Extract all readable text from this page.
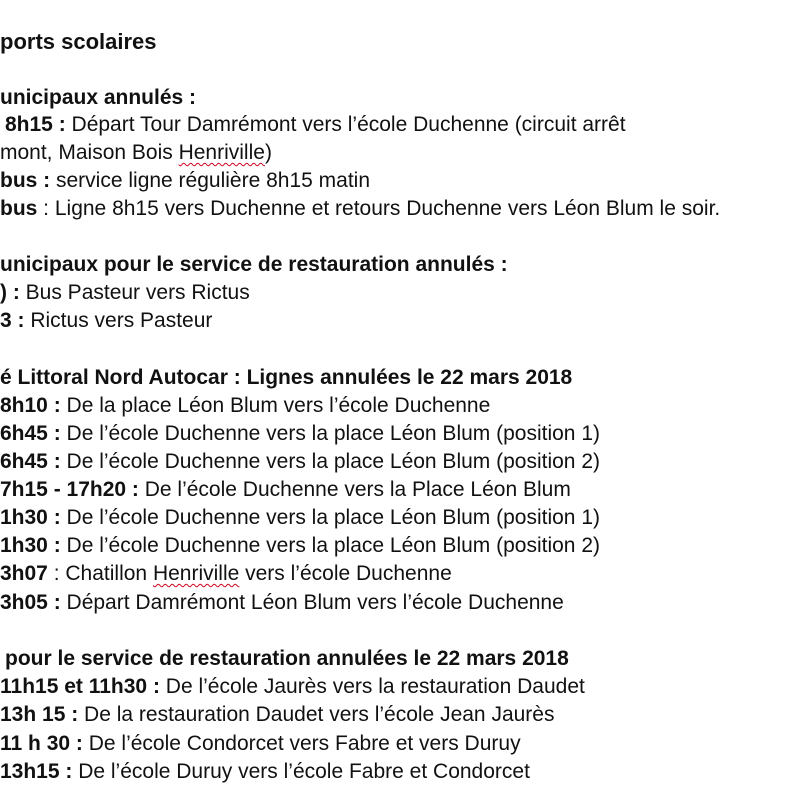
ports scolaires
unicipaux annulés :
8h15 : Départ Tour Damrémont vers l’école Duchenne (circuit arrêt
mont, Maison Bois Henriville)
bus : service ligne régulière 8h15 matin
bus : Ligne 8h15 vers Duchenne et retours Duchenne vers Léon Blum le soir.
unicipaux pour le service de restauration annulés :
) : Bus Pasteur vers Rictus
3 : Rictus vers Pasteur
é Littoral Nord Autocar : Lignes annulées le 22 mars 2018
8h10 : De la place Léon Blum vers l’école Duchenne
6h45 : De l’école Duchenne vers la place Léon Blum (position 1)
6h45 : De l’école Duchenne vers la place Léon Blum (position 2)
7h15 - 17h20 : De l’école Duchenne vers la Place Léon Blum
1h30 : De l’école Duchenne vers la place Léon Blum (position 1)
1h30 : De l’école Duchenne vers la place Léon Blum (position 2)
3h07 : Chatillon Henriville vers l’école Duchenne
3h05 : Départ Damrémont Léon Blum vers l’école Duchenne
pour le service de restauration annulées le 22 mars 2018
11h15 et 11h30 : De l’école Jaurès vers la restauration Daudet
13h 15 : De la restauration Daudet vers l’école Jean Jaurès
11 h 30 : De l’école Condorcet vers Fabre et vers Duruy
13h15 : De l’école Duruy vers l’école Fabre et Condorcet
